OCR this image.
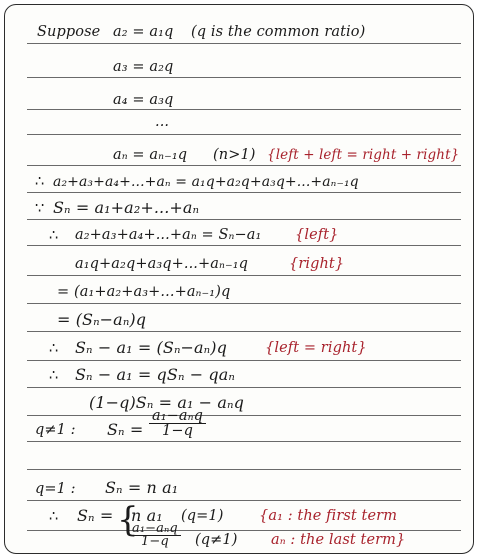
Suppose a₂ = a₁q (q is the common ratio)
a₃ = a₂q
a₄ = a₃q
...
aₙ = aₙ₋₁q (n>1) {left + left = right + right}
∴ a₂+a₃+a₄+...+aₙ = a₁q+a₂q+a₃q+...+aₙ₋₁q
∵ Sₙ = a₁+a₂+...+aₙ
∴ a₂+a₃+a₄+...+aₙ = Sₙ−a₁ {left}
a₁q+a₂q+a₃q+...+aₙ₋₁q	{right}
= (a₁+a₂+a₃+...+aₙ₋₁)q
= (Sₙ−aₙ)q
∴ Sₙ − a₁ = (Sₙ−aₙ)q	{left = right}
∴ Sₙ − a₁ = qSₙ − qaₙ
(1−q)Sₙ = a₁ − aₙq
q≠1 : $S_n = \frac{\text{a₁−aₙq}}{1-q}$
q=1 : Sₙ = n a₁
∴ Sₙ = {
n a₁ (q=1)
$\frac{\text{a₁−aₙq}}{1-q} (q\ne 1)$
{a₁ : the first term
aₙ : the last term}
